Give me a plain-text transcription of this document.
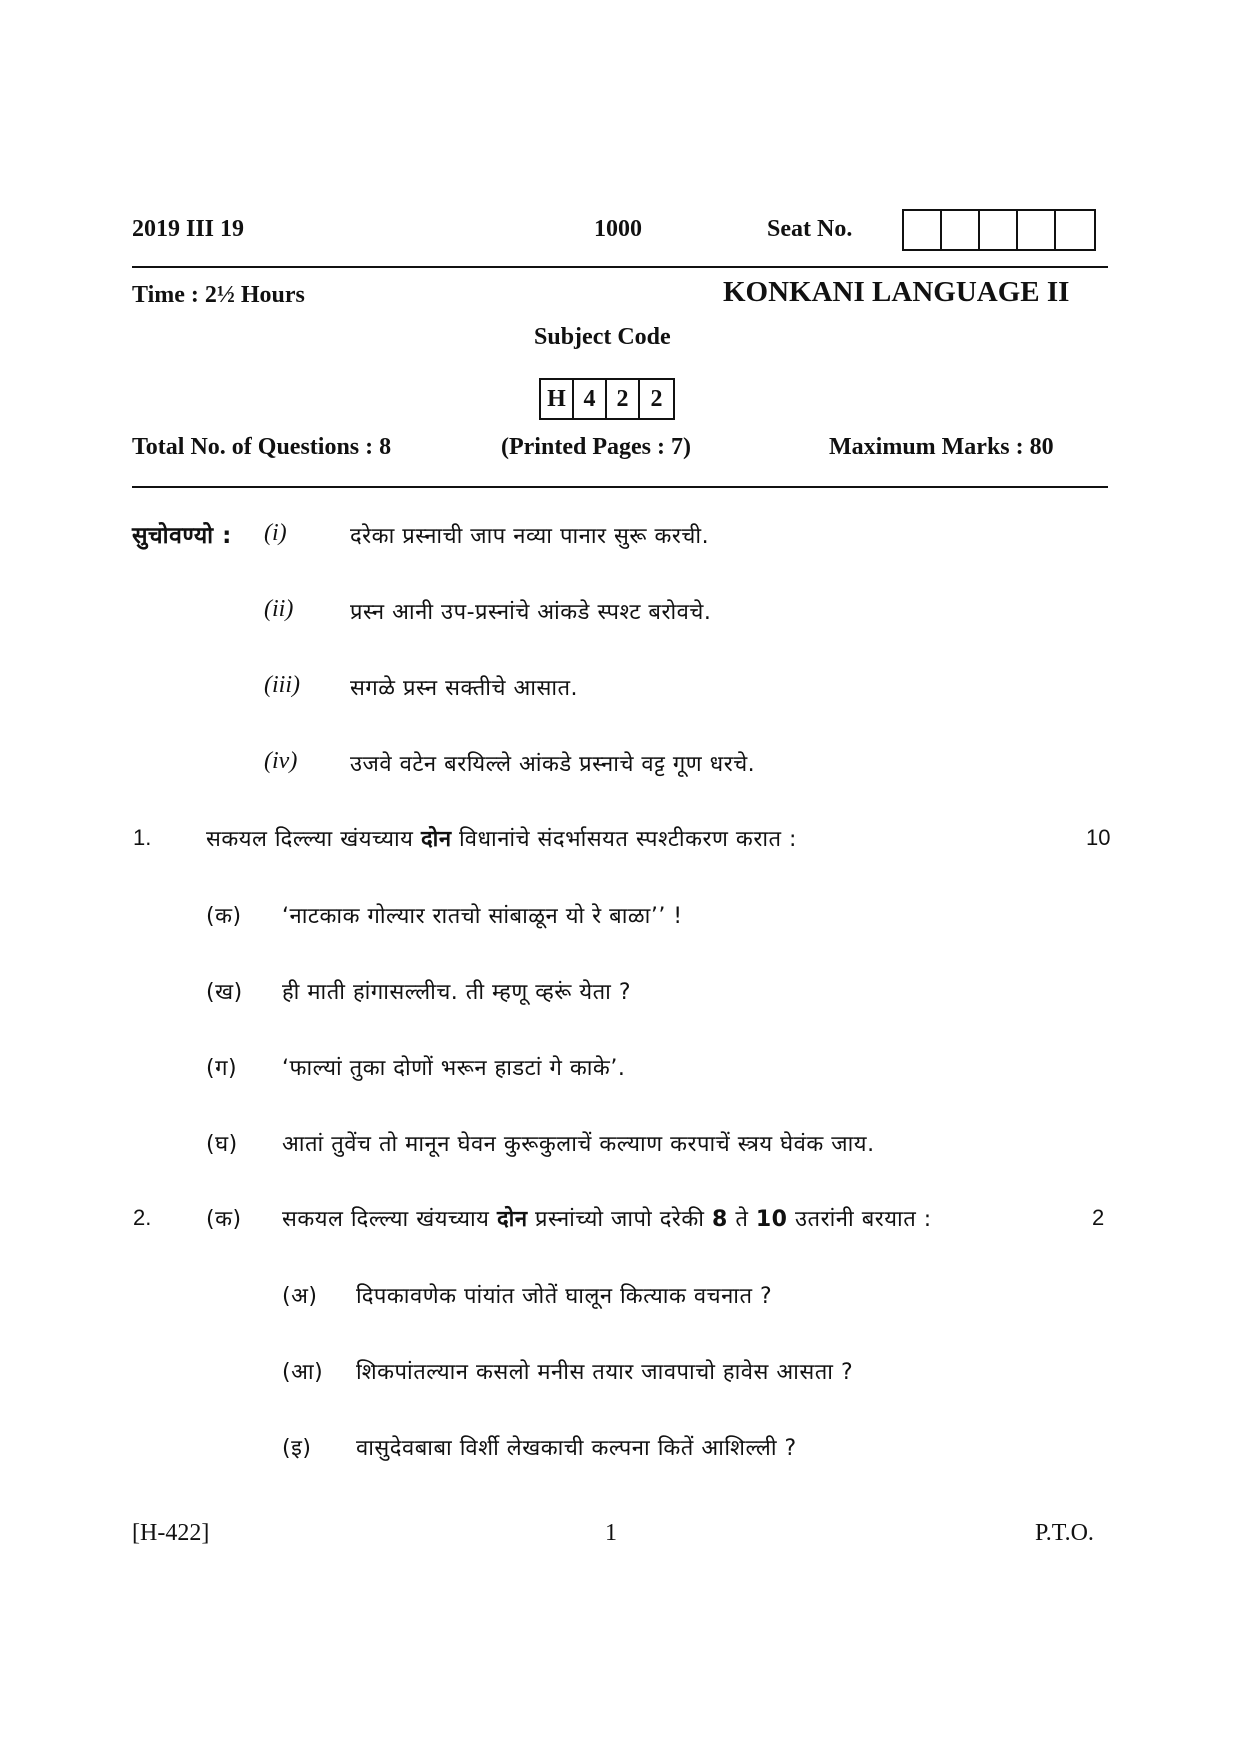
2019 III 19	1000	Seat No.
Time : 2½ Hours	KONKANI LANGUAGE II
Subject Code
H 4 2 2
Total No. of Questions : 8	(Printed Pages : 7)	Maximum Marks : 80
सुचोवण्यो : (i)	दरेका प्रस्नाची जाप नव्या पानार सुरू करची.
(ii)	प्रस्न आनी उप-प्रस्नांचे आंकडे स्पश्ट बरोवचे.
(iii) सगळे प्रस्न सक्तीचे आसात.
(iv) उजवे वटेन बरयिल्ले आंकडे प्रस्नाचे वट्ट गूण धरचे.
1. सकयल दिल्ल्या खंयच्याय दोन विधानांचे संदर्भासयत स्पश्टीकरण करात :	10
(क) ‘नाटकाक गोल्यार रातचो सांबाळून यो रे बाळा’’ !
(ख) ही माती हांगासल्लीच. ती म्हणू व्हरूं येता ?
(ग) ‘फाल्यां तुका दोणों भरून हाडटां गे काके’.
(घ) आतां तुवेंच तो मानून घेवन कुरूकुलाचें कल्याण करपाचें स्त्रय घेवंक जाय.
2. (क) सकयल दिल्ल्या खंयच्याय दोन प्रस्नांच्यो जापो दरेकी 8 ते 10 उतरांनी बरयात :	2
(अ) दिपकावणेक पांयांत जोतें घालून कित्याक वचनात ?
(आ) शिकपांतल्यान कसलो मनीस तयार जावपाचो हावेस आसता ?
(इ) वासुदेवबाबा विर्शी लेखकाची कल्पना कितें आशिल्ली ?
[H-422]	1	P.T.O.
